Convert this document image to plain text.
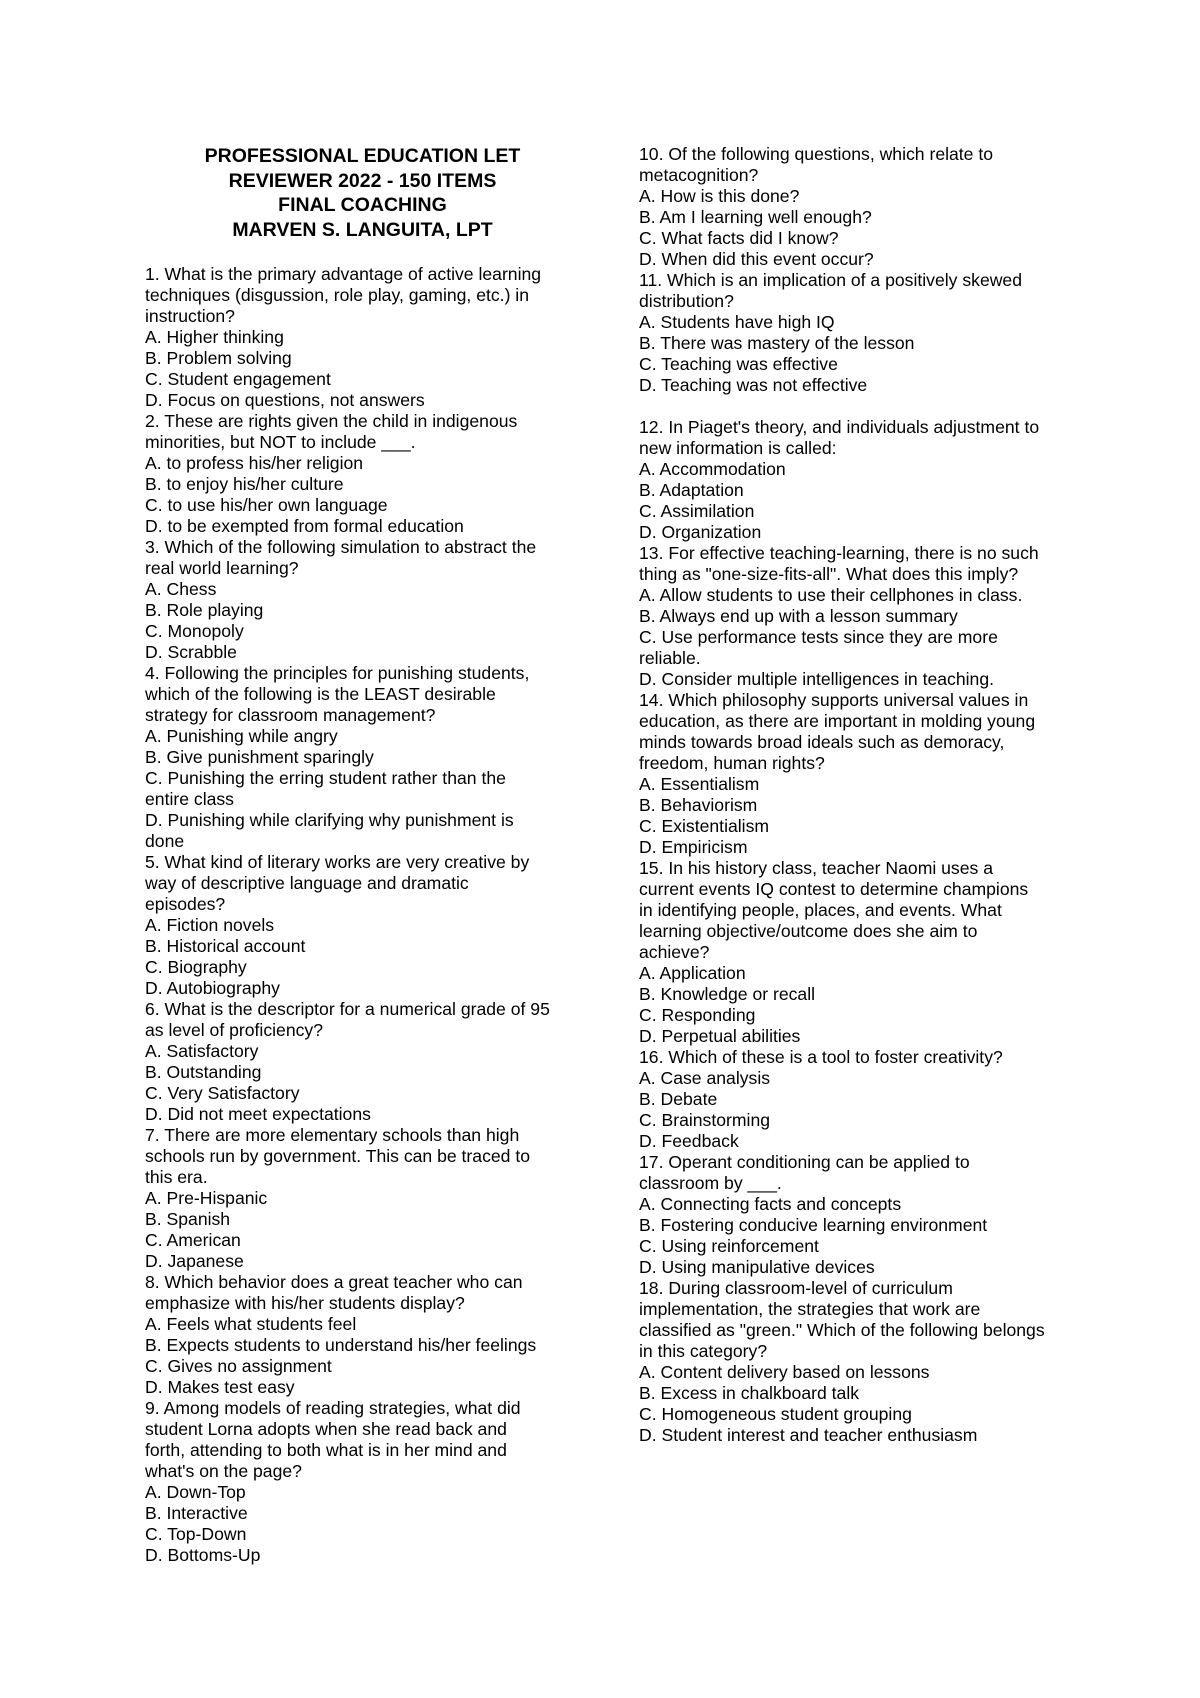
PROFESSIONAL EDUCATION LET
REVIEWER 2022 - 150 ITEMS
FINAL COACHING
MARVEN S. LANGUITA, LPT
1. What is the primary advantage of active learning
techniques (disgussion, role play, gaming, etc.) in
instruction?
A. Higher thinking
B. Problem solving
C. Student engagement
D. Focus on questions, not answers
2. These are rights given the child in indigenous
minorities, but NOT to include ___.
A. to profess his/her religion
B. to enjoy his/her culture
C. to use his/her own language
D. to be exempted from formal education
3. Which of the following simulation to abstract the
real world learning?
A. Chess
B. Role playing
C. Monopoly
D. Scrabble
4. Following the principles for punishing students,
which of the following is the LEAST desirable
strategy for classroom management?
A. Punishing while angry
B. Give punishment sparingly
C. Punishing the erring student rather than the
entire class
D. Punishing while clarifying why punishment is
done
5. What kind of literary works are very creative by
way of descriptive language and dramatic
episodes?
A. Fiction novels
B. Historical account
C. Biography
D. Autobiography
6. What is the descriptor for a numerical grade of 95
as level of proficiency?
A. Satisfactory
B. Outstanding
C. Very Satisfactory
D. Did not meet expectations
7. There are more elementary schools than high
schools run by government. This can be traced to
this era.
A. Pre-Hispanic
B. Spanish
C. American
D. Japanese
8. Which behavior does a great teacher who can
emphasize with his/her students display?
A. Feels what students feel
B. Expects students to understand his/her feelings
C. Gives no assignment
D. Makes test easy
9. Among models of reading strategies, what did
student Lorna adopts when she read back and
forth, attending to both what is in her mind and
what's on the page?
A. Down-Top
B. Interactive
C. Top-Down
D. Bottoms-Up
10. Of the following questions, which relate to
metacognition?
A. How is this done?
B. Am I learning well enough?
C. What facts did I know?
D. When did this event occur?
11. Which is an implication of a positively skewed
distribution?
A. Students have high IQ
B. There was mastery of the lesson
C. Teaching was effective
D. Teaching was not effective
12. In Piaget's theory, and individuals adjustment to
new information is called:
A. Accommodation
B. Adaptation
C. Assimilation
D. Organization
13. For effective teaching-learning, there is no such
thing as "one-size-fits-all". What does this imply?
A. Allow students to use their cellphones in class.
B. Always end up with a lesson summary
C. Use performance tests since they are more
reliable.
D. Consider multiple intelligences in teaching.
14. Which philosophy supports universal values in
education, as there are important in molding young
minds towards broad ideals such as demoracy,
freedom, human rights?
A. Essentialism
B. Behaviorism
C. Existentialism
D. Empiricism
15. In his history class, teacher Naomi uses a
current events IQ contest to determine champions
in identifying people, places, and events. What
learning objective/outcome does she aim to
achieve?
A. Application
B. Knowledge or recall
C. Responding
D. Perpetual abilities
16. Which of these is a tool to foster creativity?
A. Case analysis
B. Debate
C. Brainstorming
D. Feedback
17. Operant conditioning can be applied to
classroom by ___.
A. Connecting facts and concepts
B. Fostering conducive learning environment
C. Using reinforcement
D. Using manipulative devices
18. During classroom-level of curriculum
implementation, the strategies that work are
classified as "green." Which of the following belongs
in this category?
A. Content delivery based on lessons
B. Excess in chalkboard talk
C. Homogeneous student grouping
D. Student interest and teacher enthusiasm
